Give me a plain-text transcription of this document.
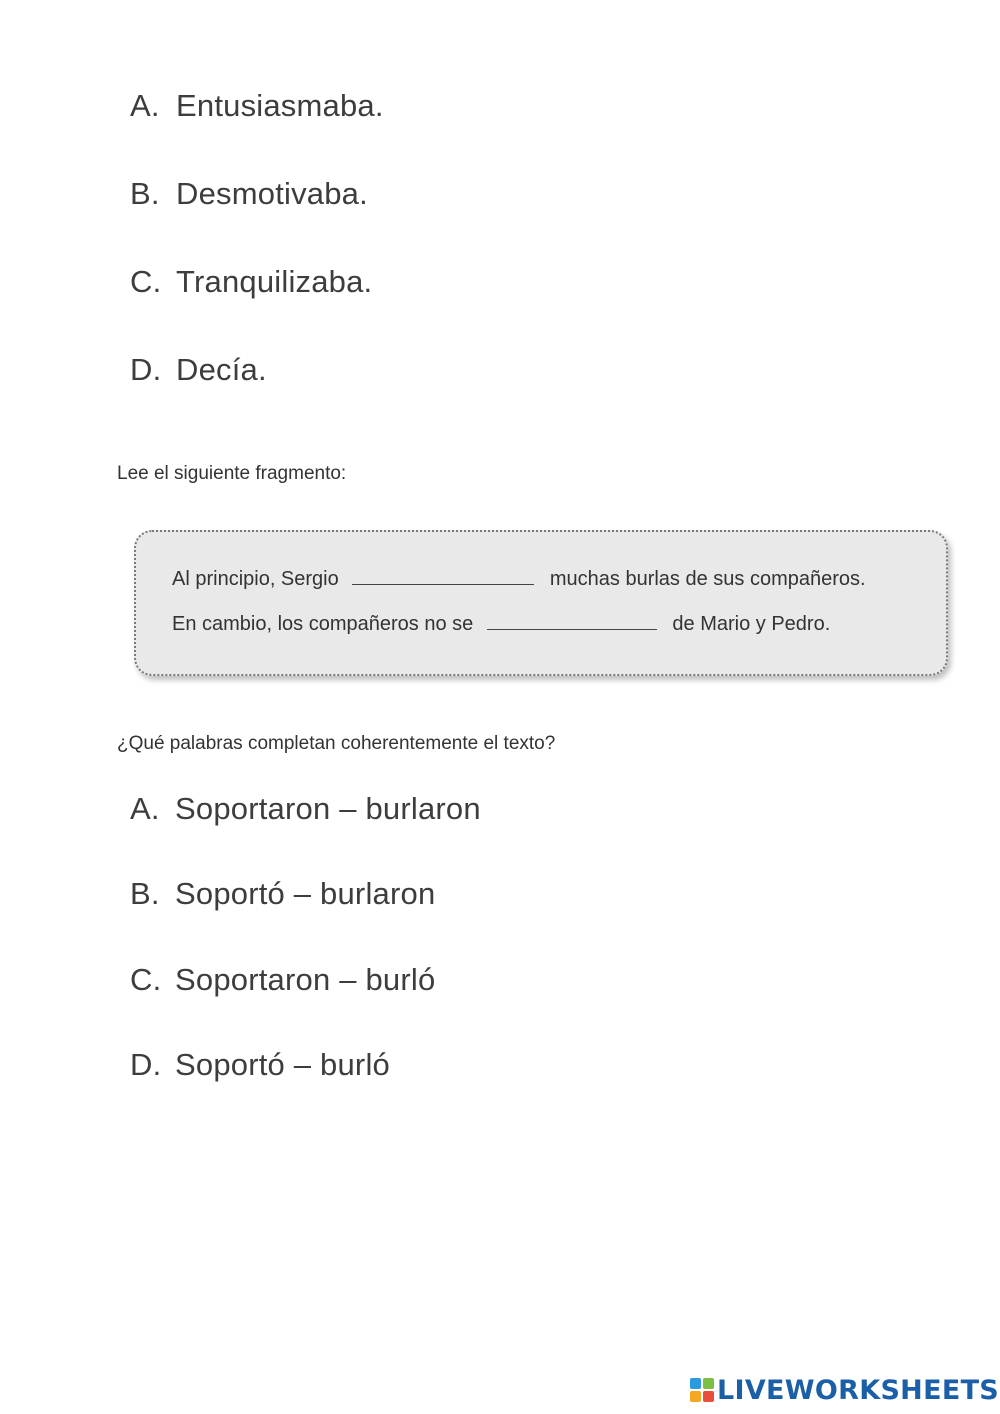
A. Entusiasmaba.
B. Desmotivaba.
C. Tranquilizaba.
D. Decía.
Lee el siguiente fragmento:
Al principio, Sergio	muchas burlas de sus compañeros.
En cambio, los compañeros no se	de Mario y Pedro.
¿Qué palabras completan coherentemente el texto?
A. Soportaron – burlaron
B. Soportó – burlaron
C. Soportaron – burló
D. Soportó – burló
LIVEWORKSHEETS
